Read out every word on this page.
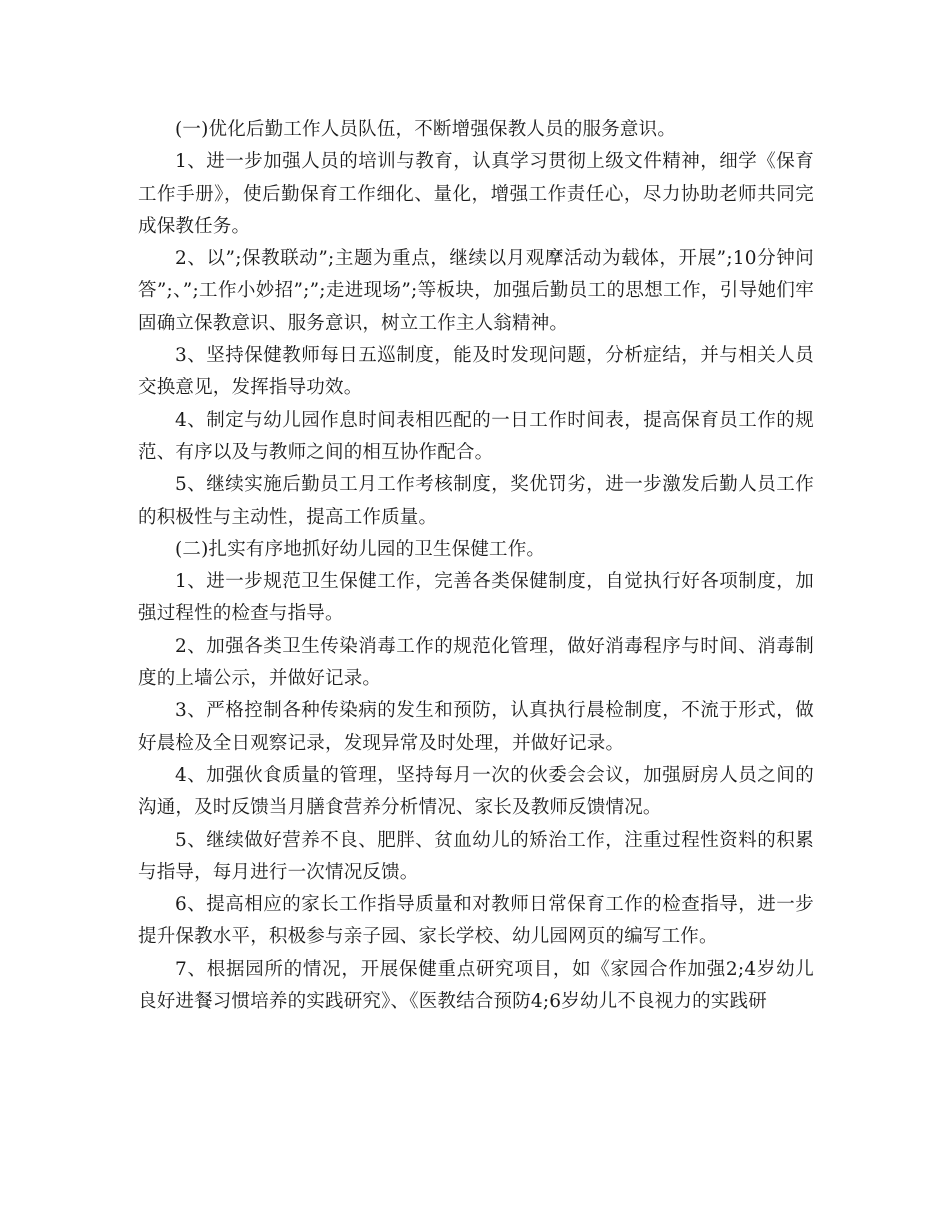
(一)优化后勤工作人员队伍，不断增强保教人员的服务意识。

1、进一步加强人员的培训与教育，认真学习贯彻上级文件精神，细学《保育工作手册》，使后勤保育工作细化、量化，增强工作责任心，尽力协助老师共同完成保教任务。

2、以”;保教联动”;主题为重点，继续以月观摩活动为载体，开展”;10分钟问答”;、”;工作小妙招”;”;走进现场”;等板块，加强后勤员工的思想工作，引导她们牢固确立保教意识、服务意识，树立工作主人翁精神。

3、坚持保健教师每日五巡制度，能及时发现问题，分析症结，并与相关人员交换意见，发挥指导功效。

4、制定与幼儿园作息时间表相匹配的一日工作时间表，提高保育员工作的规范、有序以及与教师之间的相互协作配合。

5、继续实施后勤员工月工作考核制度，奖优罚劣，进一步激发后勤人员工作的积极性与主动性，提高工作质量。

(二)扎实有序地抓好幼儿园的卫生保健工作。

1、进一步规范卫生保健工作，完善各类保健制度，自觉执行好各项制度，加强过程性的检查与指导。

2、加强各类卫生传染消毒工作的规范化管理，做好消毒程序与时间、消毒制度的上墙公示，并做好记录。

3、严格控制各种传染病的发生和预防，认真执行晨检制度，不流于形式，做好晨检及全日观察记录，发现异常及时处理，并做好记录。

4、加强伙食质量的管理，坚持每月一次的伙委会会议，加强厨房人员之间的沟通，及时反馈当月膳食营养分析情况、家长及教师反馈情况。

5、继续做好营养不良、肥胖、贫血幼儿的矫治工作，注重过程性资料的积累与指导，每月进行一次情况反馈。

6、提高相应的家长工作指导质量和对教师日常保育工作的检查指导，进一步提升保教水平，积极参与亲子园、家长学校、幼儿园网页的编写工作。

7、根据园所的情况，开展保健重点研究项目，如《家园合作加强2;4岁幼儿良好进餐习惯培养的实践研究》、《医教结合预防4;6岁幼儿不良视力的实践研
